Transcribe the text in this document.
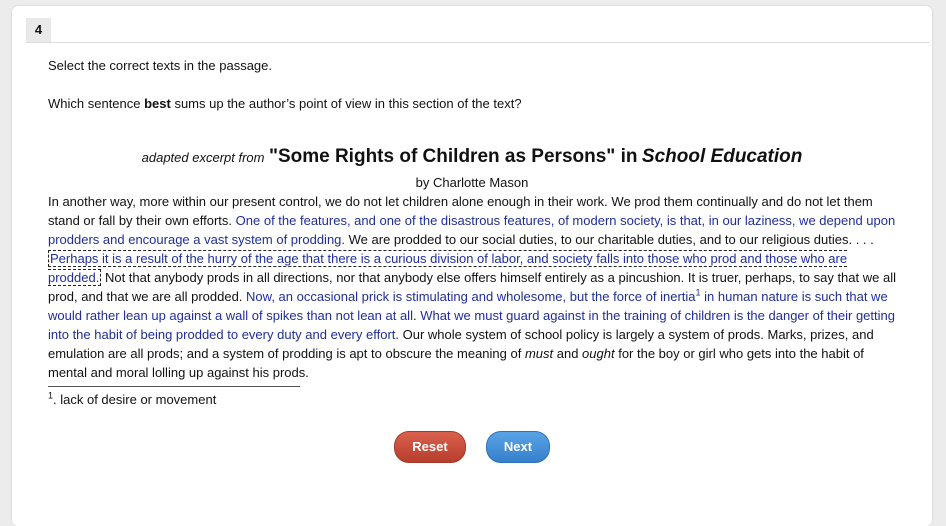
4
Select the correct texts in the passage.
Which sentence best sums up the author’s point of view in this section of the text?
adapted excerpt from "Some Rights of Children as Persons" in School Education
by Charlotte Mason
In another way, more within our present control, we do not let children alone enough in their work. We prod them continually and do not let them stand or fall by their own efforts. One of the features, and one of the disastrous features, of modern society, is that, in our laziness, we depend upon prodders and encourage a vast system of prodding. We are prodded to our social duties, to our charitable duties, and to our religious duties. . . . Perhaps it is a result of the hurry of the age that there is a curious division of labor, and society falls into those who prod and those who are prodded. Not that anybody prods in all directions, nor that anybody else offers himself entirely as a pincushion. It is truer, perhaps, to say that we all prod, and that we are all prodded. Now, an occasional prick is stimulating and wholesome, but the force of inertia$^1$ in human nature is such that we would rather lean up against a wall of spikes than not lean at all. What we must guard against in the training of children is the danger of their getting into the habit of being prodded to every duty and every effort. Our whole system of school policy is largely a system of prods. Marks, prizes, and emulation are all prods; and a system of prodding is apt to obscure the meaning of must and ought for the boy or girl who gets into the habit of mental and moral lolling up against his prods.
$^1$. lack of desire or movement
Reset	Next
